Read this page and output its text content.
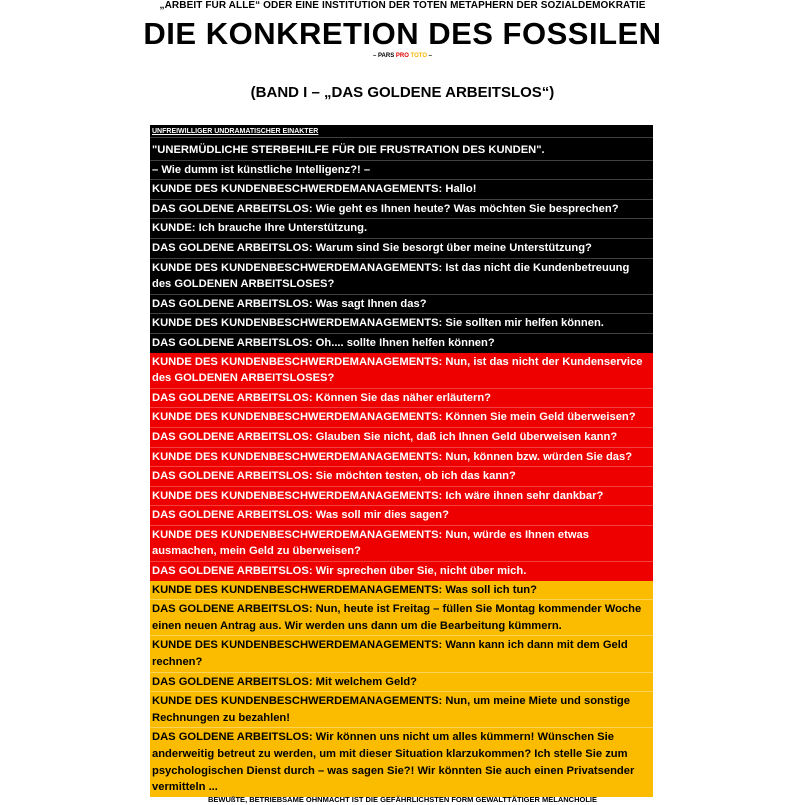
„ARBEIT FÜR ALLE“ ODER EINE INSTITUTION DER TOTEN METAPHERN DER SOZIALDEMOKRATIE
DIE KONKRETION DES FOSSILEN
– PARS PRO TOTO –
(BAND I – „DAS GOLDENE ARBEITSLOS“)
UNFREIWILLIGER UNDRAMATISCHER EINAKTER
"UNERMÜDLICHE STERBEHILFE FÜR DIE FRUSTRATION DES KUNDEN".
– Wie dumm ist künstliche Intelligenz?! –
KUNDE DES KUNDENBESCHWERDEMANAGEMENTS: Hallo!
DAS GOLDENE ARBEITSLOS: Wie geht es Ihnen heute? Was möchten Sie besprechen?
KUNDE: Ich brauche Ihre Unterstützung.
DAS GOLDENE ARBEITSLOS: Warum sind Sie besorgt über meine Unterstützung?
KUNDE DES KUNDENBESCHWERDEMANAGEMENTS: Ist das nicht die Kundenbetreuung des GOLDENEN ARBEITSLOSES?
DAS GOLDENE ARBEITSLOS: Was sagt Ihnen das?
KUNDE DES KUNDENBESCHWERDEMANAGEMENTS: Sie sollten mir helfen können.
DAS GOLDENE ARBEITSLOS: Oh.... sollte Ihnen helfen können?
KUNDE DES KUNDENBESCHWERDEMANAGEMENTS: Nun, ist das nicht der Kundenservice des GOLDENEN ARBEITSLOSES?
DAS GOLDENE ARBEITSLOS: Können Sie das näher erläutern?
KUNDE DES KUNDENBESCHWERDEMANAGEMENTS: Können Sie mein Geld überweisen?
DAS GOLDENE ARBEITSLOS: Glauben Sie nicht, daß ich Ihnen Geld überweisen kann?
KUNDE DES KUNDENBESCHWERDEMANAGEMENTS: Nun, können bzw. würden Sie das?
DAS GOLDENE ARBEITSLOS: Sie möchten testen, ob ich das kann?
KUNDE DES KUNDENBESCHWERDEMANAGEMENTS: Ich wäre ihnen sehr dankbar?
DAS GOLDENE ARBEITSLOS: Was soll mir dies sagen?
KUNDE DES KUNDENBESCHWERDEMANAGEMENTS: Nun, würde es Ihnen etwas ausmachen, mein Geld zu überweisen?
DAS GOLDENE ARBEITSLOS: Wir sprechen über Sie, nicht über mich.
KUNDE DES KUNDENBESCHWERDEMANAGEMENTS: Was soll ich tun?
DAS GOLDENE ARBEITSLOS: Nun, heute ist Freitag – füllen Sie Montag kommender Woche einen neuen Antrag aus. Wir werden uns dann um die Bearbeitung kümmern.
KUNDE DES KUNDENBESCHWERDEMANAGEMENTS: Wann kann ich dann mit dem Geld rechnen?
DAS GOLDENE ARBEITSLOS: Mit welchem Geld?
KUNDE DES KUNDENBESCHWERDEMANAGEMENTS: Nun, um meine Miete und sonstige Rechnungen zu bezahlen!
DAS GOLDENE ARBEITSLOS: Wir können uns nicht um alles kümmern! Wünschen Sie anderweitig betreut zu werden, um mit dieser Situation klarzukommen? Ich stelle Sie zum psychologischen Dienst durch – was sagen Sie?! Wir könnten Sie auch einen Privatsender vermitteln ...
BEWUßTE, BETRIEBSAME OHNMACHT IST DIE GEFÄHRLICHSTEN FORM GEWALTTÄTIGER MELANCHOLIE
